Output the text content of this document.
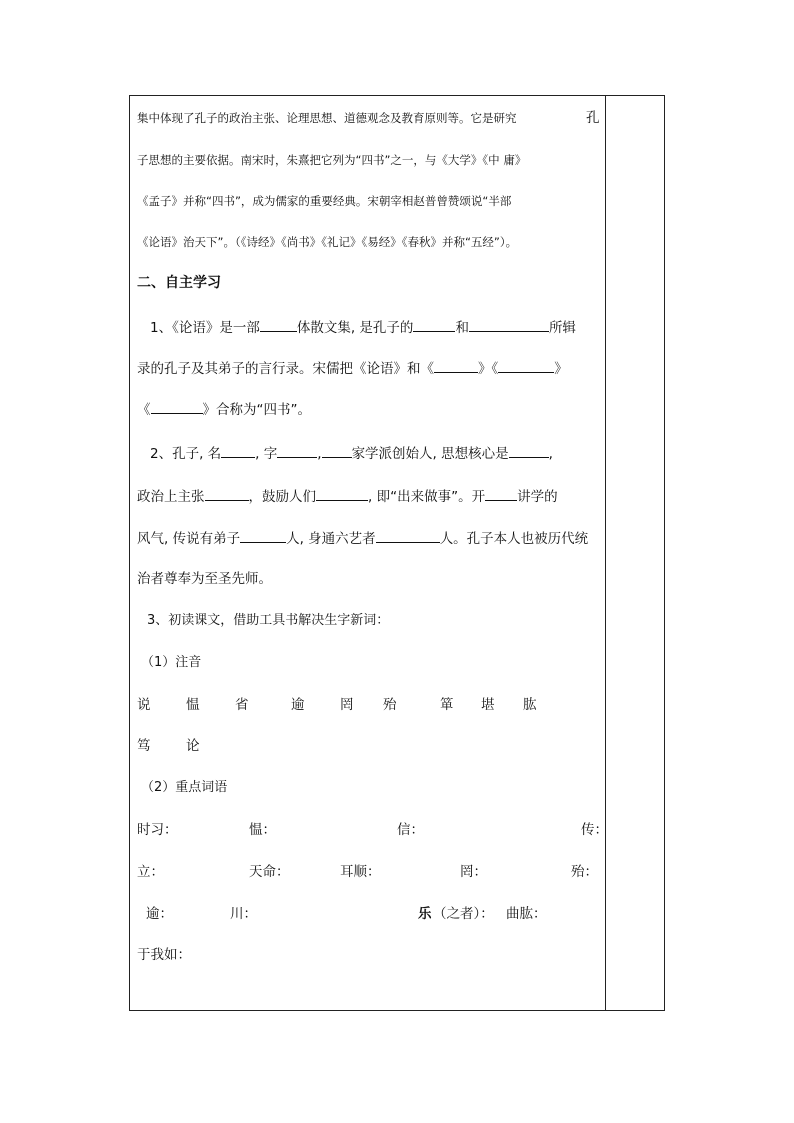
集中体现了孔子的政治主张、论理思想、道德观念及教育原则等。它是研究	孔
子思想的主要依据。南宋时，朱熹把它列为“四书”之一，与《大学》《中 庸》
《孟子》并称“四书”，成为儒家的重要经典。宋朝宰相赵普曾赞颂说“半部
《论语》治天下”。（《诗经》《尚书》《礼记》《易经》《春秋》并称“五经”）。
二、自主学习
1、《论语》是一部	体散文集, 是孔子的	和	所辑
录的孔子及其弟子的言行录。宋儒把《论语》和《	》《	》
《	》合称为“四书”。
2、孔子, 名	, 字	, 家学派创始人, 思想核心是	,
政治上主张	，鼓励人们	, 即“出来做事”。开 讲学的
风气, 传说有弟子	人, 身通六艺者	人。孔子本人也被历代统
治者尊奉为至圣先师。
3、初读课文，借助工具书解决生字新词：
（1）注音
说	愠	省	逾	罔 殆	箪 堪 肱
笃	论
（2）重点词语
时习：	愠：	信：	传：
立：	天命：	耳顺：	罔：	殆：
逾：	川：	乐 （之者）： 曲肱：
于我如：
